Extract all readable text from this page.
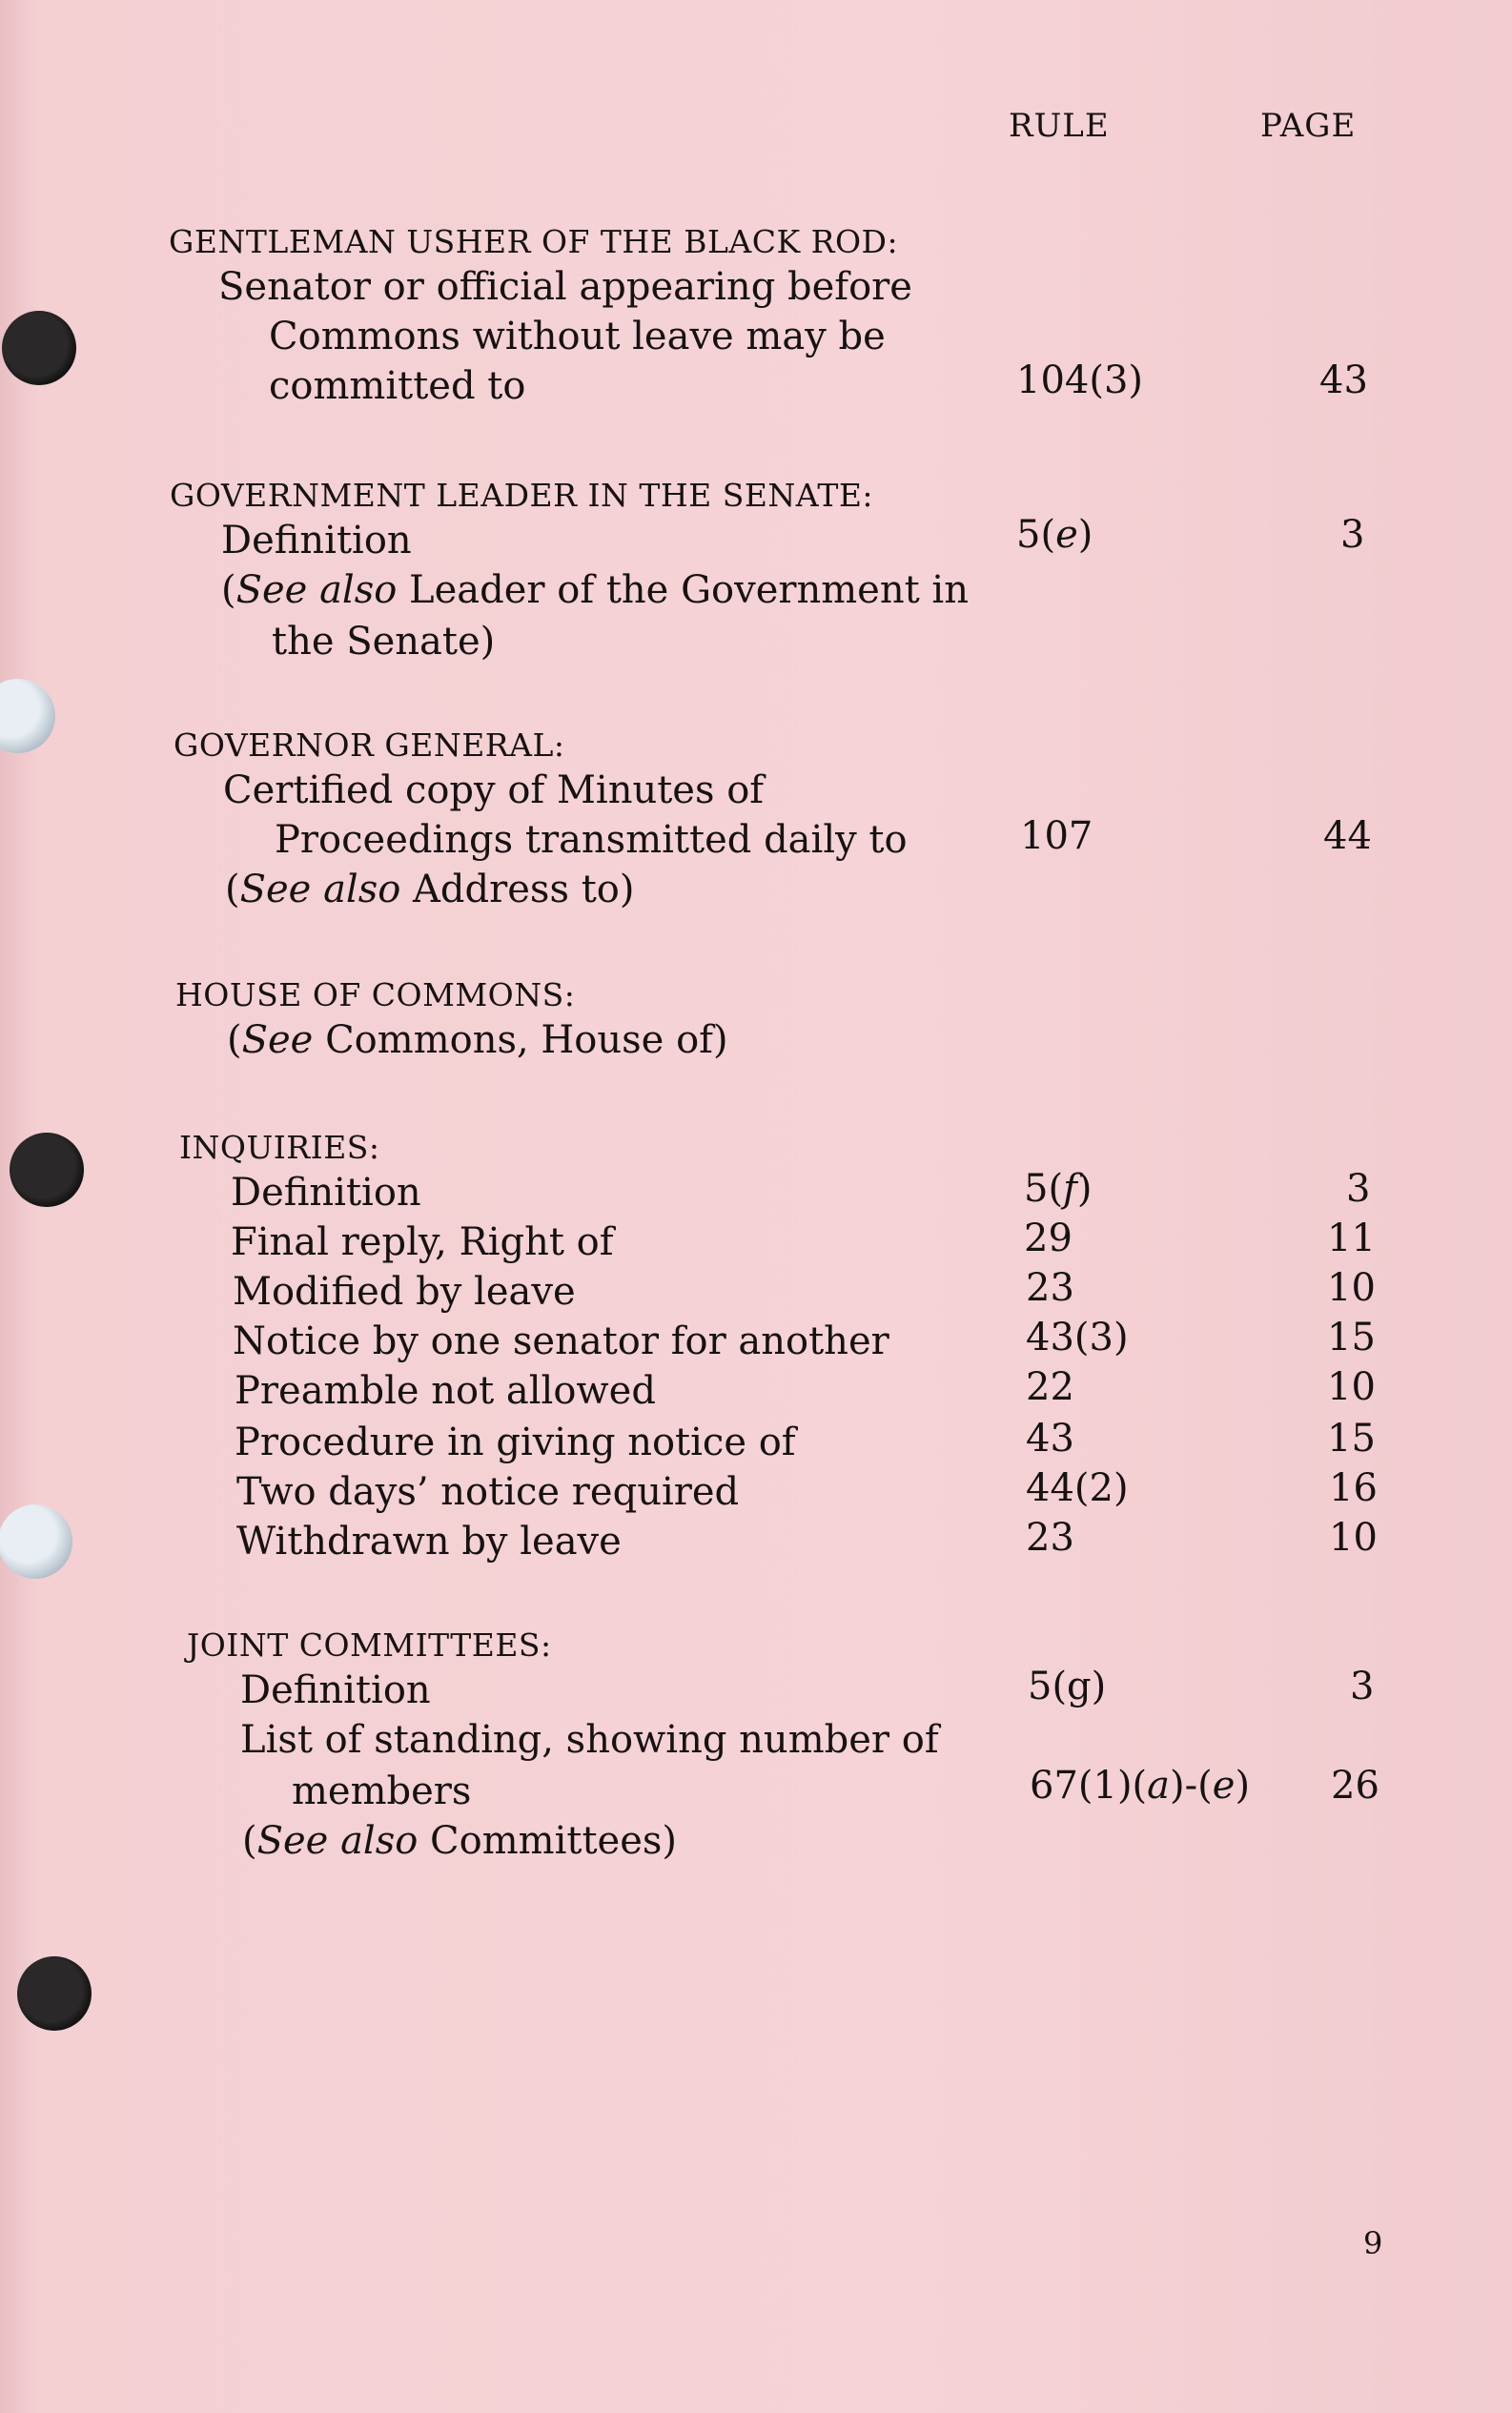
RULE	PAGE
GENTLEMAN USHER OF THE BLACK ROD:
Senator or official appearing before
Commons without leave may be
committed to	104(3)	43
GOVERNMENT LEADER IN THE SENATE:
Definition	5(e)	3
(See also Leader of the Government in
the Senate)
GOVERNOR GENERAL:
Certified copy of Minutes of
Proceedings transmitted daily to	107	44
(See also Address to)
HOUSE OF COMMONS:
(See Commons, House of)
INQUIRIES:
Definition	5(f)	3
Final reply, Right of	29	11
Modified by leave	23	10
Notice by one senator for another	43(3)	15
Preamble not allowed	22	10
Procedure in giving notice of	43	15
Two days’ notice required	44(2)	16
Withdrawn by leave	23	10
JOINT COMMITTEES:
Definition	5(g)	3
List of standing, showing number of
members	67(1)(a)-(e) 26
(See also Committees)
9
